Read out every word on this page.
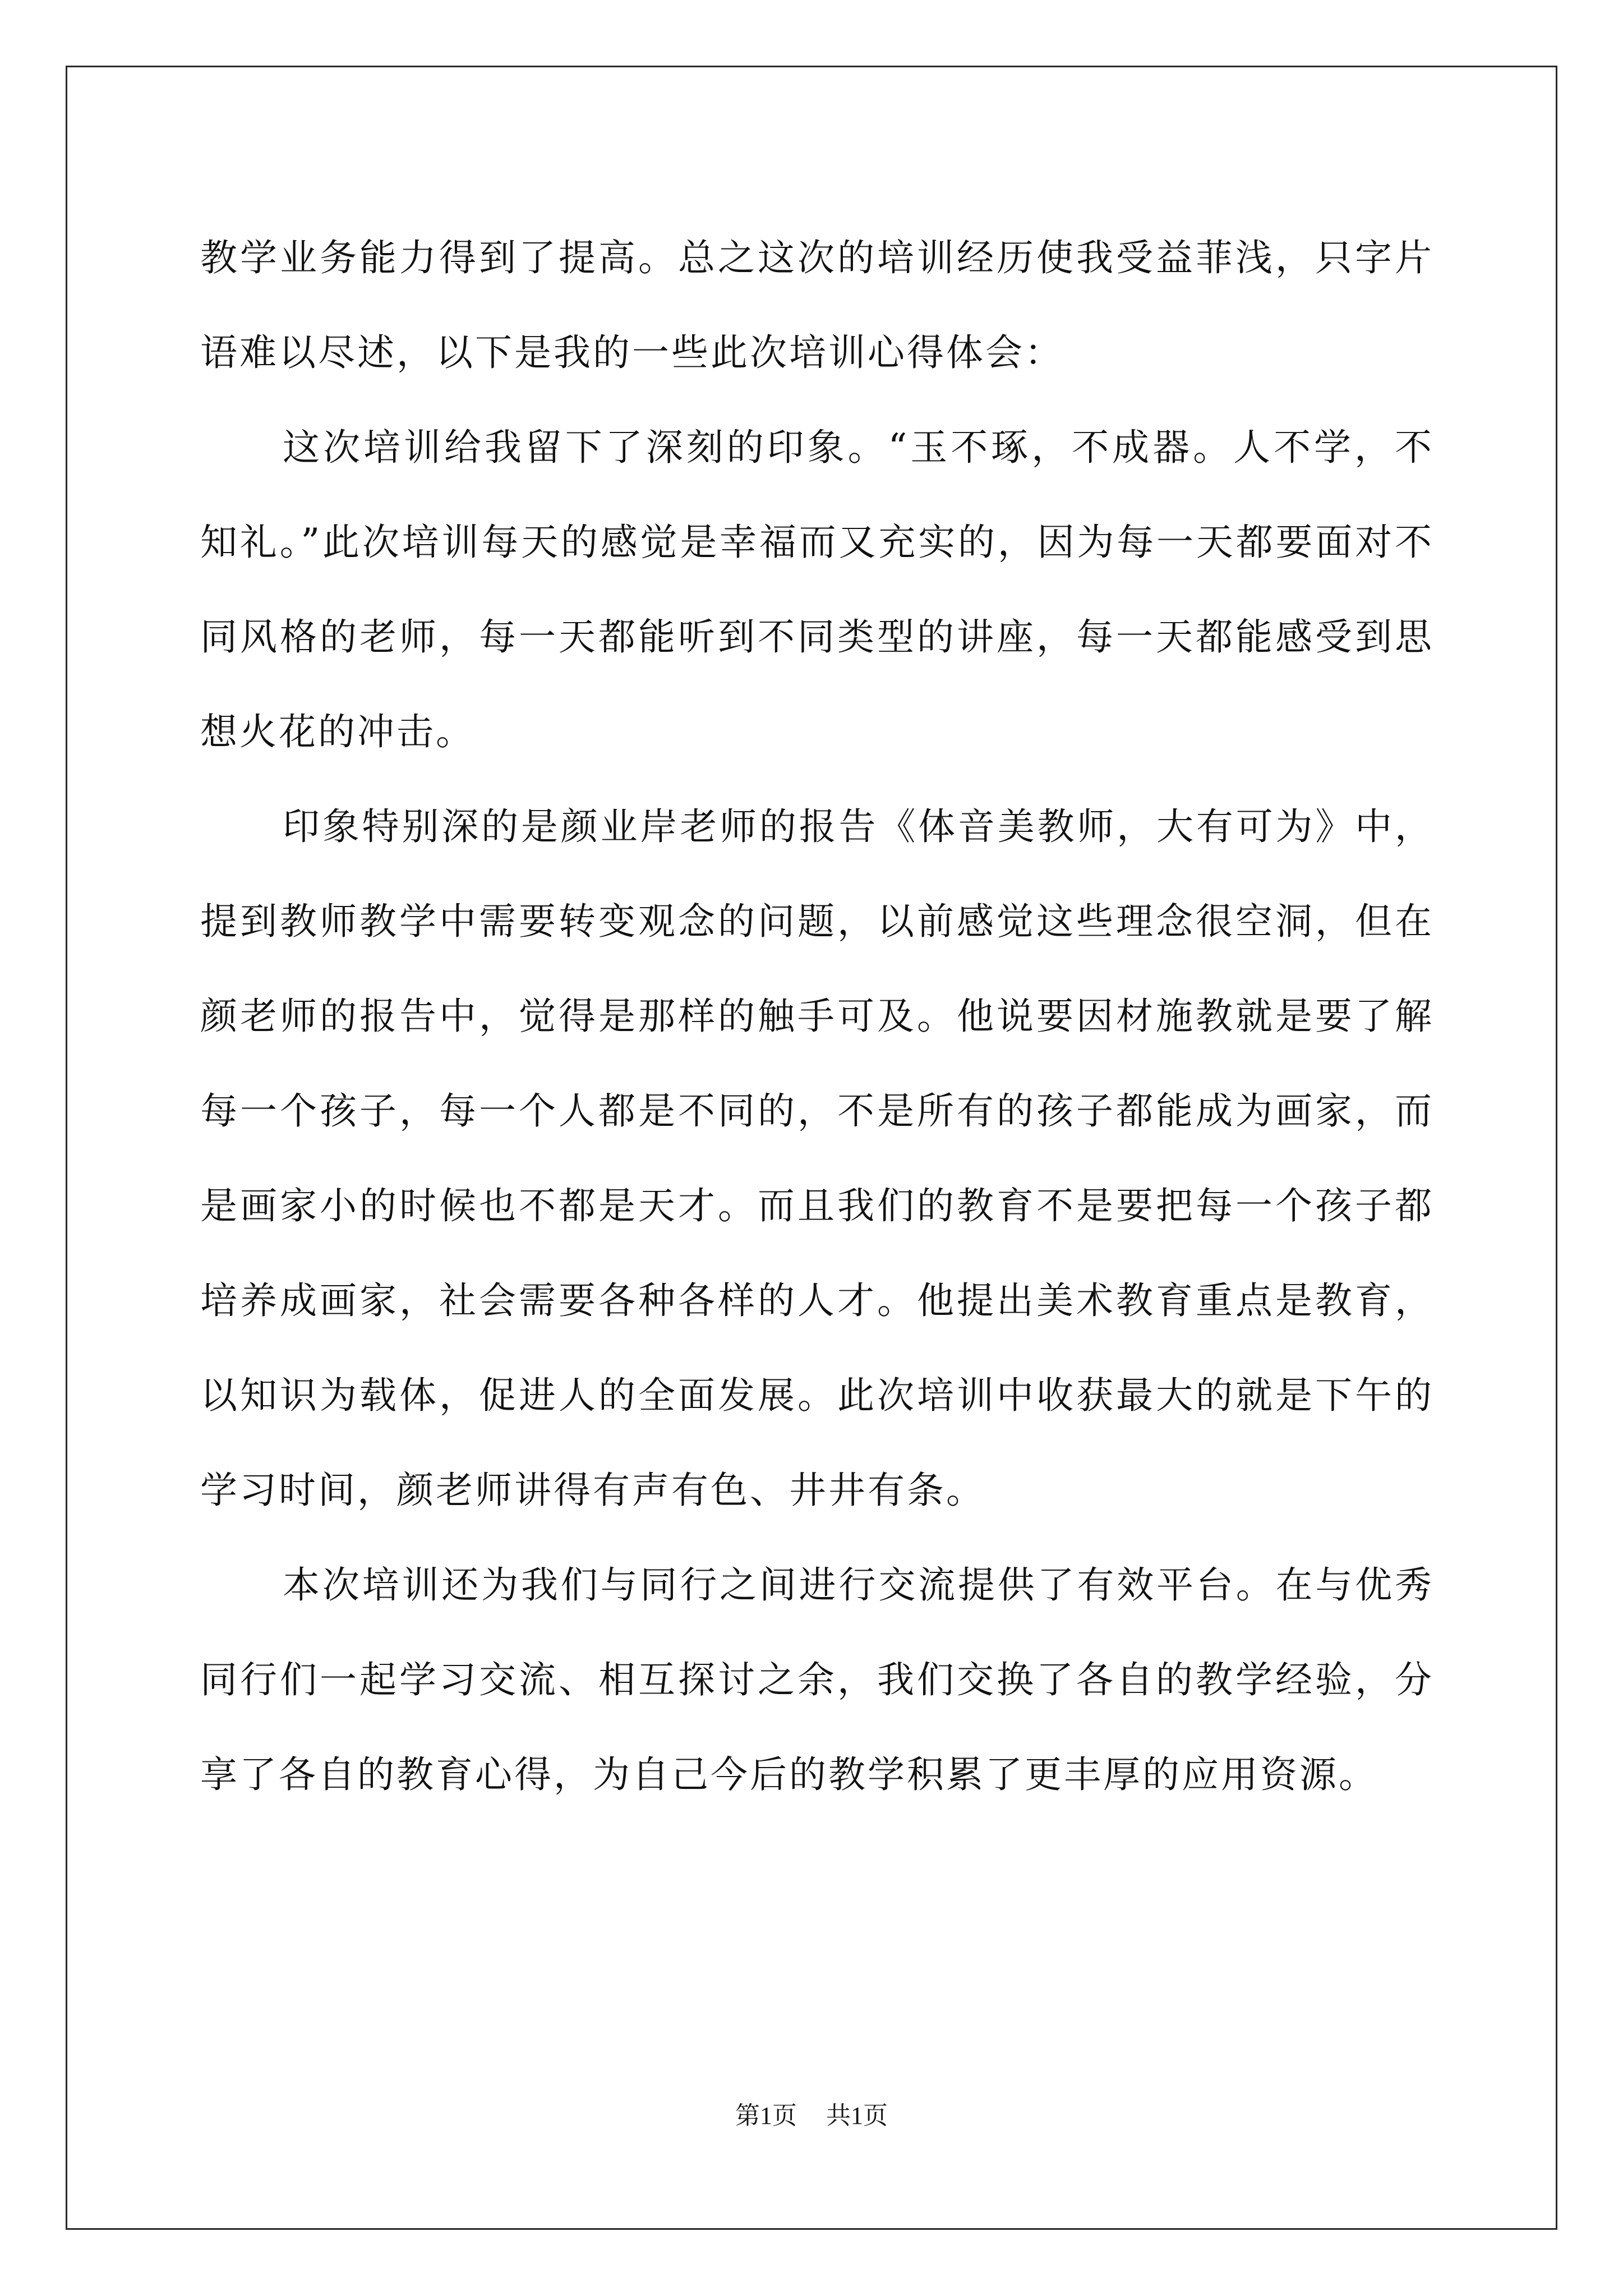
教学业务能力得到了提高。总之这次的培训经历使我受益菲浅，只字片语难以尽述，以下是我的一些此次培训心得体会：

这次培训给我留下了深刻的印象。“玉不琢，不成器。人不学，不知礼。”此次培训每天的感觉是幸福而又充实的，因为每一天都要面对不同风格的老师，每一天都能听到不同类型的讲座，每一天都能感受到思想火花的冲击。

印象特别深的是颜业岸老师的报告《体音美教师，大有可为》中，提到教师教学中需要转变观念的问题，以前感觉这些理念很空洞，但在颜老师的报告中，觉得是那样的触手可及。他说要因材施教就是要了解每一个孩子，每一个人都是不同的，不是所有的孩子都能成为画家，而是画家小的时候也不都是天才。而且我们的教育不是要把每一个孩子都培养成画家，社会需要各种各样的人才。他提出美术教育重点是教育，以知识为载体，促进人的全面发展。此次培训中收获最大的就是下午的学习时间，颜老师讲得有声有色、井井有条。

本次培训还为我们与同行之间进行交流提供了有效平台。在与优秀同行们一起学习交流、相互探讨之余，我们交换了各自的教学经验，分享了各自的教育心得，为自己今后的教学积累了更丰厚的应用资源。

第1页 共1页
